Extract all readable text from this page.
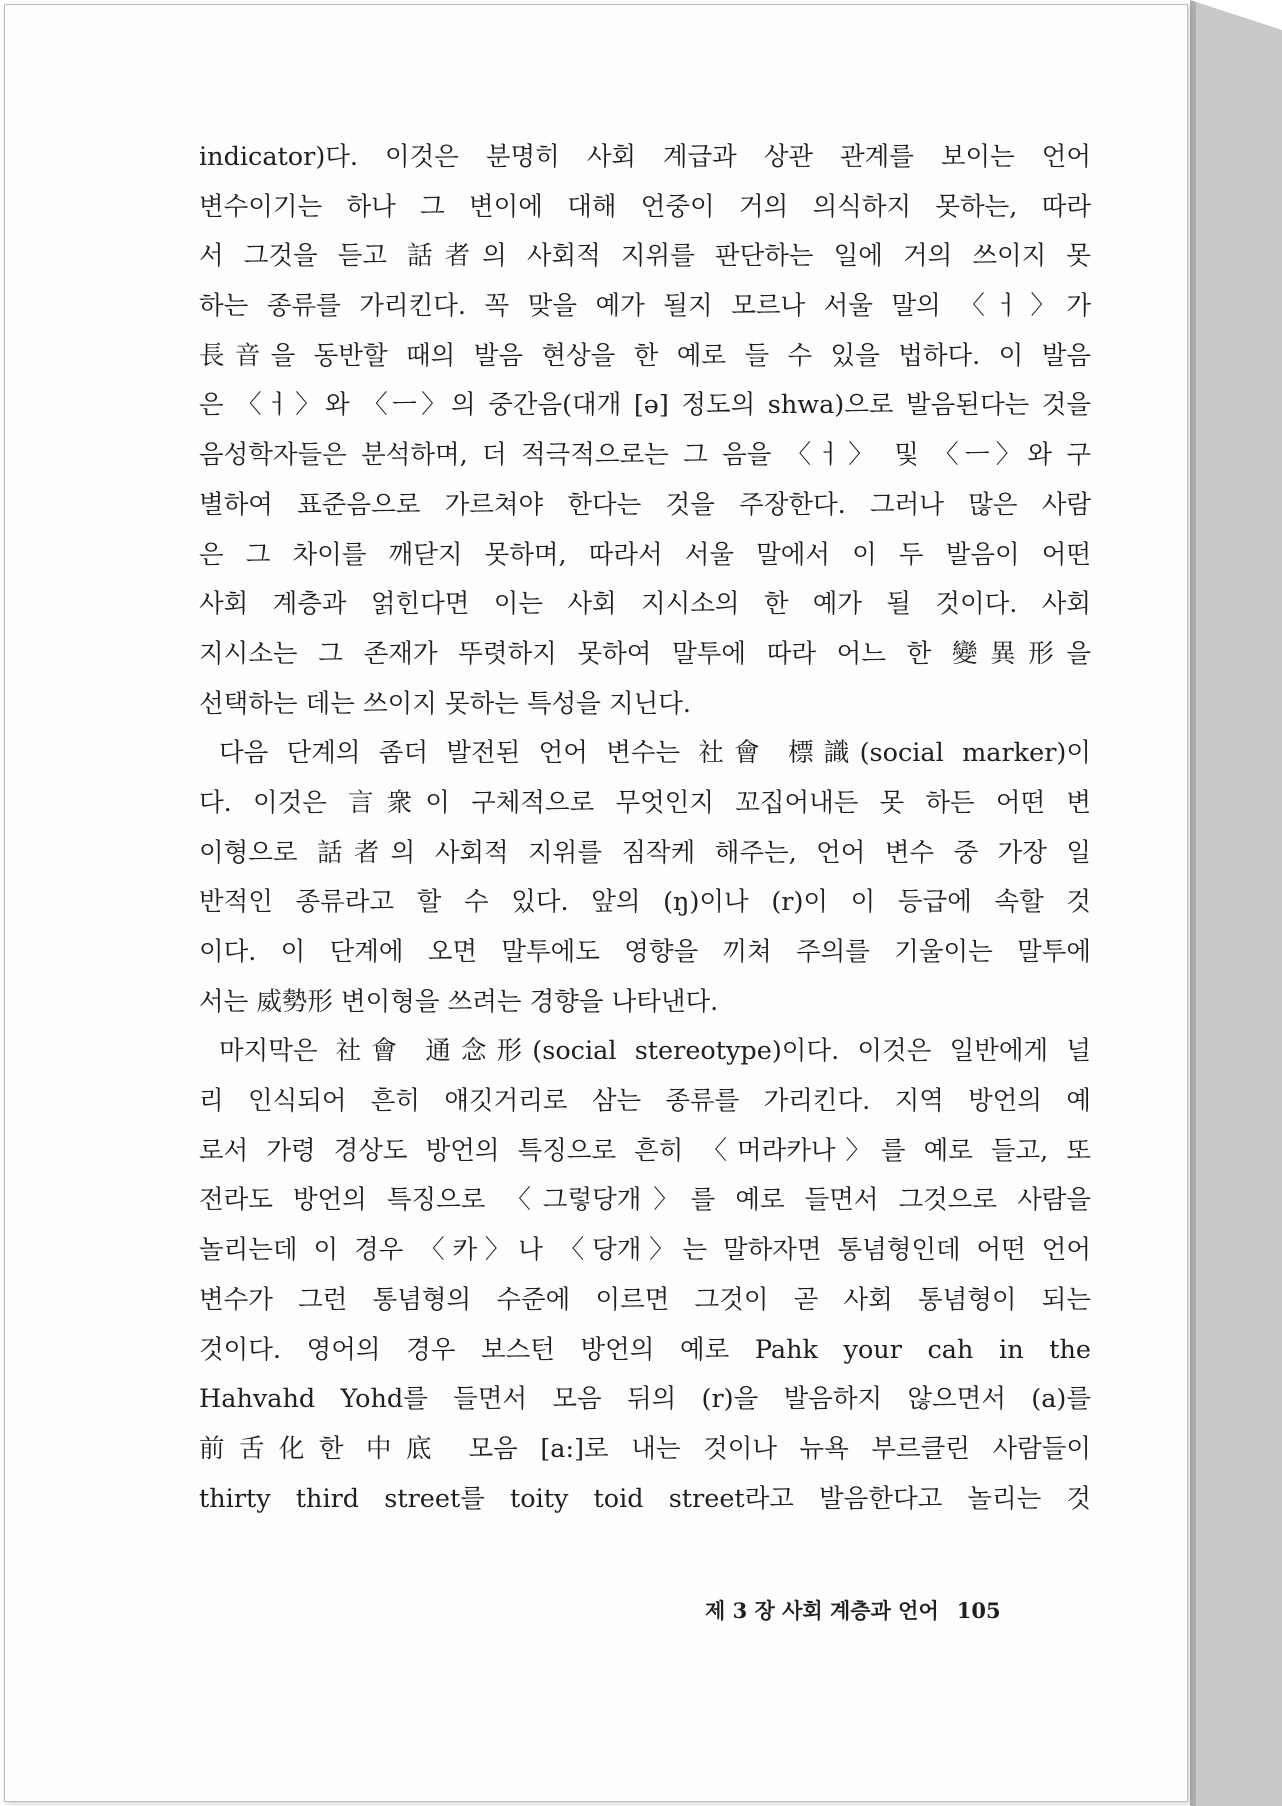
indicator)다. 이것은 분명히 사회 계급과 상관 관계를 보이는 언어
변수이기는 하나 그 변이에 대해 언중이 거의 의식하지 못하는, 따라
서 그것을 듣고 話者의 사회적 지위를 판단하는 일에 거의 쓰이지 못
하는 종류를 가리킨다. 꼭 맞을 예가 될지 모르나 서울 말의 〈ㅓ〉가
長音을 동반할 때의 발음 현상을 한 예로 들 수 있을 법하다. 이 발음
은 〈ㅓ〉와 〈ㅡ〉의 중간음(대개 [ə] 정도의 shwa)으로 발음된다는 것을
음성학자들은 분석하며, 더 적극적으로는 그 음을 〈ㅓ〉 및 〈ㅡ〉와 구
별하여 표준음으로 가르쳐야 한다는 것을 주장한다. 그러나 많은 사람
은 그 차이를 깨닫지 못하며, 따라서 서울 말에서 이 두 발음이 어떤
사회 계층과 얽힌다면 이는 사회 지시소의 한 예가 될 것이다. 사회
지시소는 그 존재가 뚜렷하지 못하여 말투에 따라 어느 한 變異形을
선택하는 데는 쓰이지 못하는 특성을 지닌다.
다음 단계의 좀더 발전된 언어 변수는 社會 標識(social marker)이
다. 이것은 言衆이 구체적으로 무엇인지 꼬집어내든 못 하든 어떤 변
이형으로 話者의 사회적 지위를 짐작케 해주는, 언어 변수 중 가장 일
반적인 종류라고 할 수 있다. 앞의 (ŋ)이나 (r)이 이 등급에 속할 것
이다. 이 단계에 오면 말투에도 영향을 끼쳐 주의를 기울이는 말투에
서는 威勢形 변이형을 쓰려는 경향을 나타낸다.
마지막은 社會 通念形(social stereotype)이다. 이것은 일반에게 널
리 인식되어 흔히 얘깃거리로 삼는 종류를 가리킨다. 지역 방언의 예
로서 가령 경상도 방언의 특징으로 흔히 〈머라카나〉를 예로 들고, 또
전라도 방언의 특징으로 〈그렇당개〉를 예로 들면서 그것으로 사람을
놀리는데 이 경우 〈카〉나 〈당개〉는 말하자면 통념형인데 어떤 언어
변수가 그런 통념형의 수준에 이르면 그것이 곧 사회 통념형이 되는
것이다. 영어의 경우 보스턴 방언의 예로 Pahk your cah in the
Hahvahd Yohd를 들면서 모음 뒤의 (r)을 발음하지 않으면서 (a)를
前舌化한 中底 모음 [a:]로 내는 것이나 뉴욕 부르클린 사람들이
thirty third street를 toity toid street라고 발음한다고 놀리는 것
제 3 장 사회 계층과 언어 105
